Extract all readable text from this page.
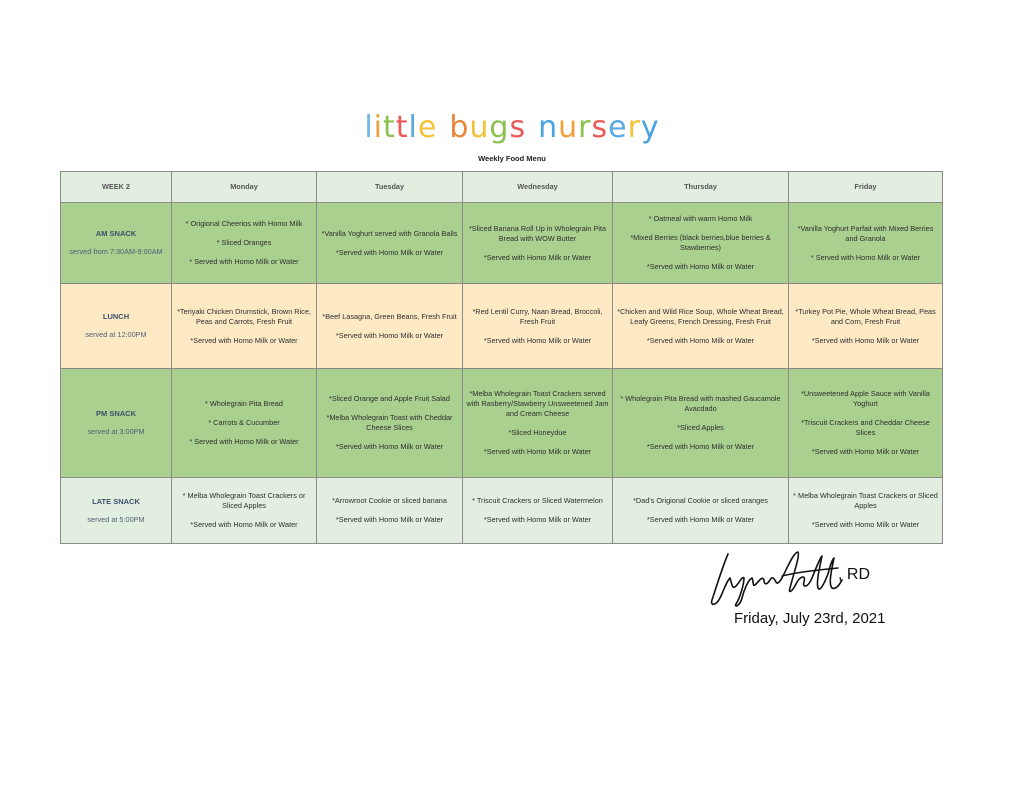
little bugs nursery
Weekly Food Menu
WEEK 2	Monday	Tuesday	Wednesday	Thursday	Friday

AM SNACK
served from 7:30AM-9:00AM	* Origional Cheerios with Homo Milk
* Sliced Oranges
* Served with Homo Milk or Water	*Vanilla Yoghurt served with Granola Balls
*Served with Homo Milk or Water	*Sliced Banana Roll Up in Wholegrain Pita Bread with WOW Butter
*Served with Homo Milk or Water	* Oatmeal with warm Homo Milk
*Mixed Berries (black berries,blue berries & Stawberries)
*Served with Homo Milk or Water	*Vanilla Yoghurt Parfait with Mixed Berries and Granola
* Served with Homo Milk or Water

LUNCH
served at 12:00PM	*Teriyaki Chicken Drumstick, Brown Rice, Peas and Carrots, Fresh Fruit
*Served with Homo Milk or Water	*Beef Lasagna, Green Beans, Fresh Fruit
*Served with Homo Milk or Water	*Red Lentil Curry, Naan Bread, Broccoli, Fresh Fruit
*Served with Homo Milk or Water	*Chicken and Wild Rice Soup, Whole Wheat Bread, Leafy Greens, French Dressing, Fresh Fruit
*Served with Homo Milk or Water	*Turkey Pot Pie, Whole Wheat Bread, Peas and Corn, Fresh Fruit
*Served with Homo Milk or Water

PM SNACK
served at 3:00PM	* Wholegrain Pita Bread
* Carrots & Cucumber
* Served with Homo Milk or Water	*Sliced Orange and Apple Fruit Salad
*Melba Wholegrain Toast with Cheddar Cheese Slices
*Served with Homo Milk or Water	*Melba Wholegrain Toast Crackers served with Rasberry/Stawberry Unsweetened Jam and Cream Cheese
*Sliced Honeydue
*Served with Homo Milk or Water	* Wholegrain Pita Bread with mashed Gaucamole Avacdado
*Sliced Apples
*Served with Homo Milk or Water	*Unsweetened Apple Sauce with Vanilla Yoghurt
*Triscuit Crackers and Cheddar Cheese Slices
*Served with Homo Milk or Water

LATE SNACK
served at 5:00PM	* Melba Wholegrain Toast Crackers or Sliced Apples
*Served with Homo Milk or Water	*Arrowroot Cookie or sliced banana
*Served with Homo Milk or Water	* Triscuit Crackers or Sliced Watermelon
*Served with Homo Milk or Water	*Dad's Origional Cookie or sliced oranges
*Served with Homo Milk or Water	* Melba Wholegrain Toast Crackers or Sliced Apples
*Served with Homo Milk or Water
, RD
Friday, July 23rd, 2021
